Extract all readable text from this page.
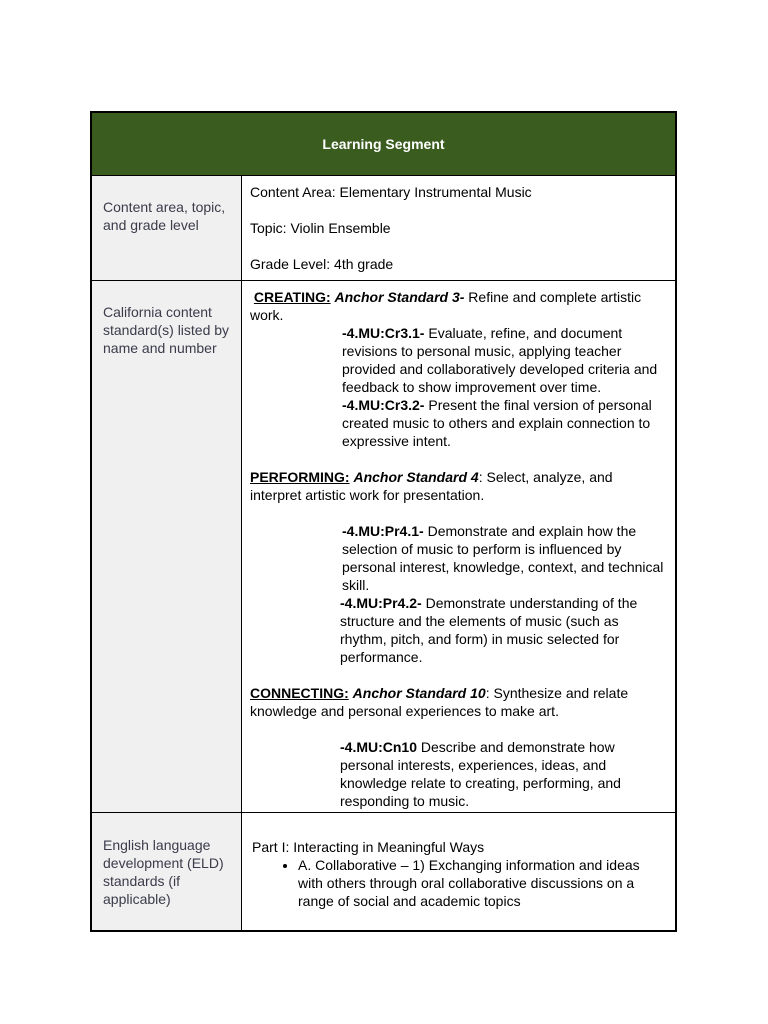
Learning Segment
Content area, topic, and grade level

Content Area: Elementary Instrumental Music

Topic: Violin Ensemble

Grade Level: 4th grade

California content standard(s) listed by name and number

CREATING: Anchor Standard 3- Refine and complete artistic work.

-4.MU:Cr3.1- Evaluate, refine, and document revisions to personal music, applying teacher provided and collaboratively developed criteria and feedback to show improvement over time.

-4.MU:Cr3.2- Present the final version of personal created music to others and explain connection to expressive intent.

PERFORMING: Anchor Standard 4: Select, analyze, and interpret artistic work for presentation.

-4.MU:Pr4.1- Demonstrate and explain how the selection of music to perform is influenced by personal interest, knowledge, context, and technical skill.

-4.MU:Pr4.2- Demonstrate understanding of the structure and the elements of music (such as rhythm, pitch, and form) in music selected for performance.

CONNECTING: Anchor Standard 10: Synthesize and relate knowledge and personal experiences to make art.

-4.MU:Cn10 Describe and demonstrate how personal interests, experiences, ideas, and knowledge relate to creating, performing, and responding to music.

English language development (ELD) standards (if applicable)

Part I: Interacting in Meaningful Ways

• A. Collaborative – 1) Exchanging information and ideas with others through oral collaborative discussions on a range of social and academic topics
